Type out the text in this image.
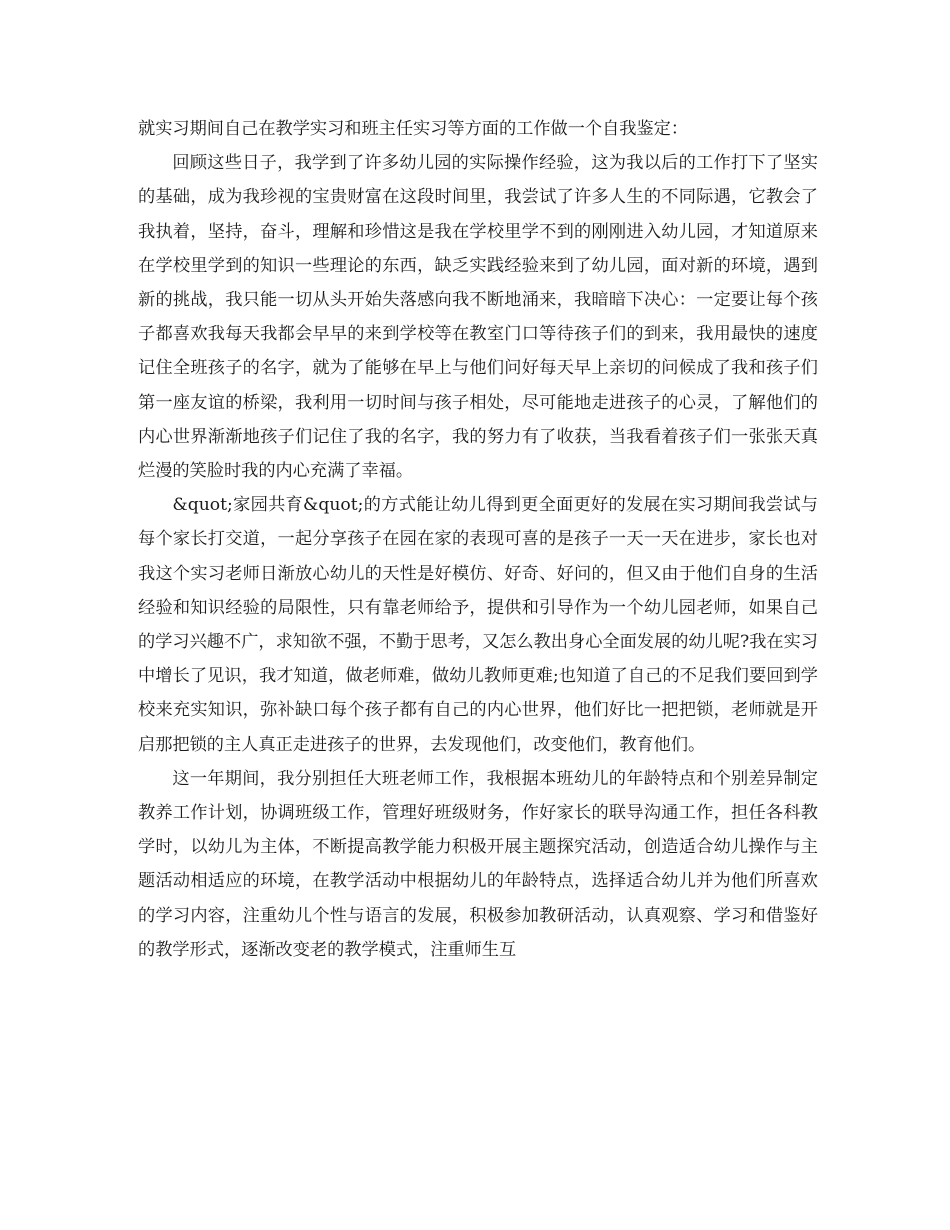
就实习期间自己在教学实习和班主任实习等方面的工作做一个自我鉴定：

回顾这些日子，我学到了许多幼儿园的实际操作经验，这为我以后的工作打下了坚实的基础，成为我珍视的宝贵财富在这段时间里，我尝试了许多人生的不同际遇，它教会了我执着，坚持，奋斗，理解和珍惜这是我在学校里学不到的刚刚进入幼儿园，才知道原来在学校里学到的知识一些理论的东西，缺乏实践经验来到了幼儿园，面对新的环境，遇到新的挑战，我只能一切从头开始失落感向我不断地涌来，我暗暗下决心：一定要让每个孩子都喜欢我每天我都会早早的来到学校等在教室门口等待孩子们的到来，我用最快的速度记住全班孩子的名字，就为了能够在早上与他们问好每天早上亲切的问候成了我和孩子们第一座友谊的桥梁，我利用一切时间与孩子相处，尽可能地走进孩子的心灵，了解他们的内心世界渐渐地孩子们记住了我的名字，我的努力有了收获，当我看着孩子们一张张天真烂漫的笑脸时我的内心充满了幸福。

&quot;家园共育&quot;的方式能让幼儿得到更全面更好的发展在实习期间我尝试与每个家长打交道，一起分享孩子在园在家的表现可喜的是孩子一天一天在进步，家长也对我这个实习老师日渐放心幼儿的天性是好模仿、好奇、好问的，但又由于他们自身的生活经验和知识经验的局限性，只有靠老师给予，提供和引导作为一个幼儿园老师，如果自己的学习兴趣不广，求知欲不强，不勤于思考，又怎么教出身心全面发展的幼儿呢?我在实习中增长了见识，我才知道，做老师难，做幼儿教师更难;也知道了自己的不足我们要回到学校来充实知识，弥补缺口每个孩子都有自己的内心世界，他们好比一把把锁，老师就是开启那把锁的主人真正走进孩子的世界，去发现他们，改变他们，教育他们。

这一年期间，我分别担任大班老师工作，我根据本班幼儿的年龄特点和个别差异制定教养工作计划，协调班级工作，管理好班级财务，作好家长的联导沟通工作，担任各科教学时，以幼儿为主体，不断提高教学能力积极开展主题探究活动，创造适合幼儿操作与主题活动相适应的环境，在教学活动中根据幼儿的年龄特点，选择适合幼儿并为他们所喜欢的学习内容，注重幼儿个性与语言的发展，积极参加教研活动，认真观察、学习和借鉴好的教学形式，逐渐改变老的教学模式，注重师生互
